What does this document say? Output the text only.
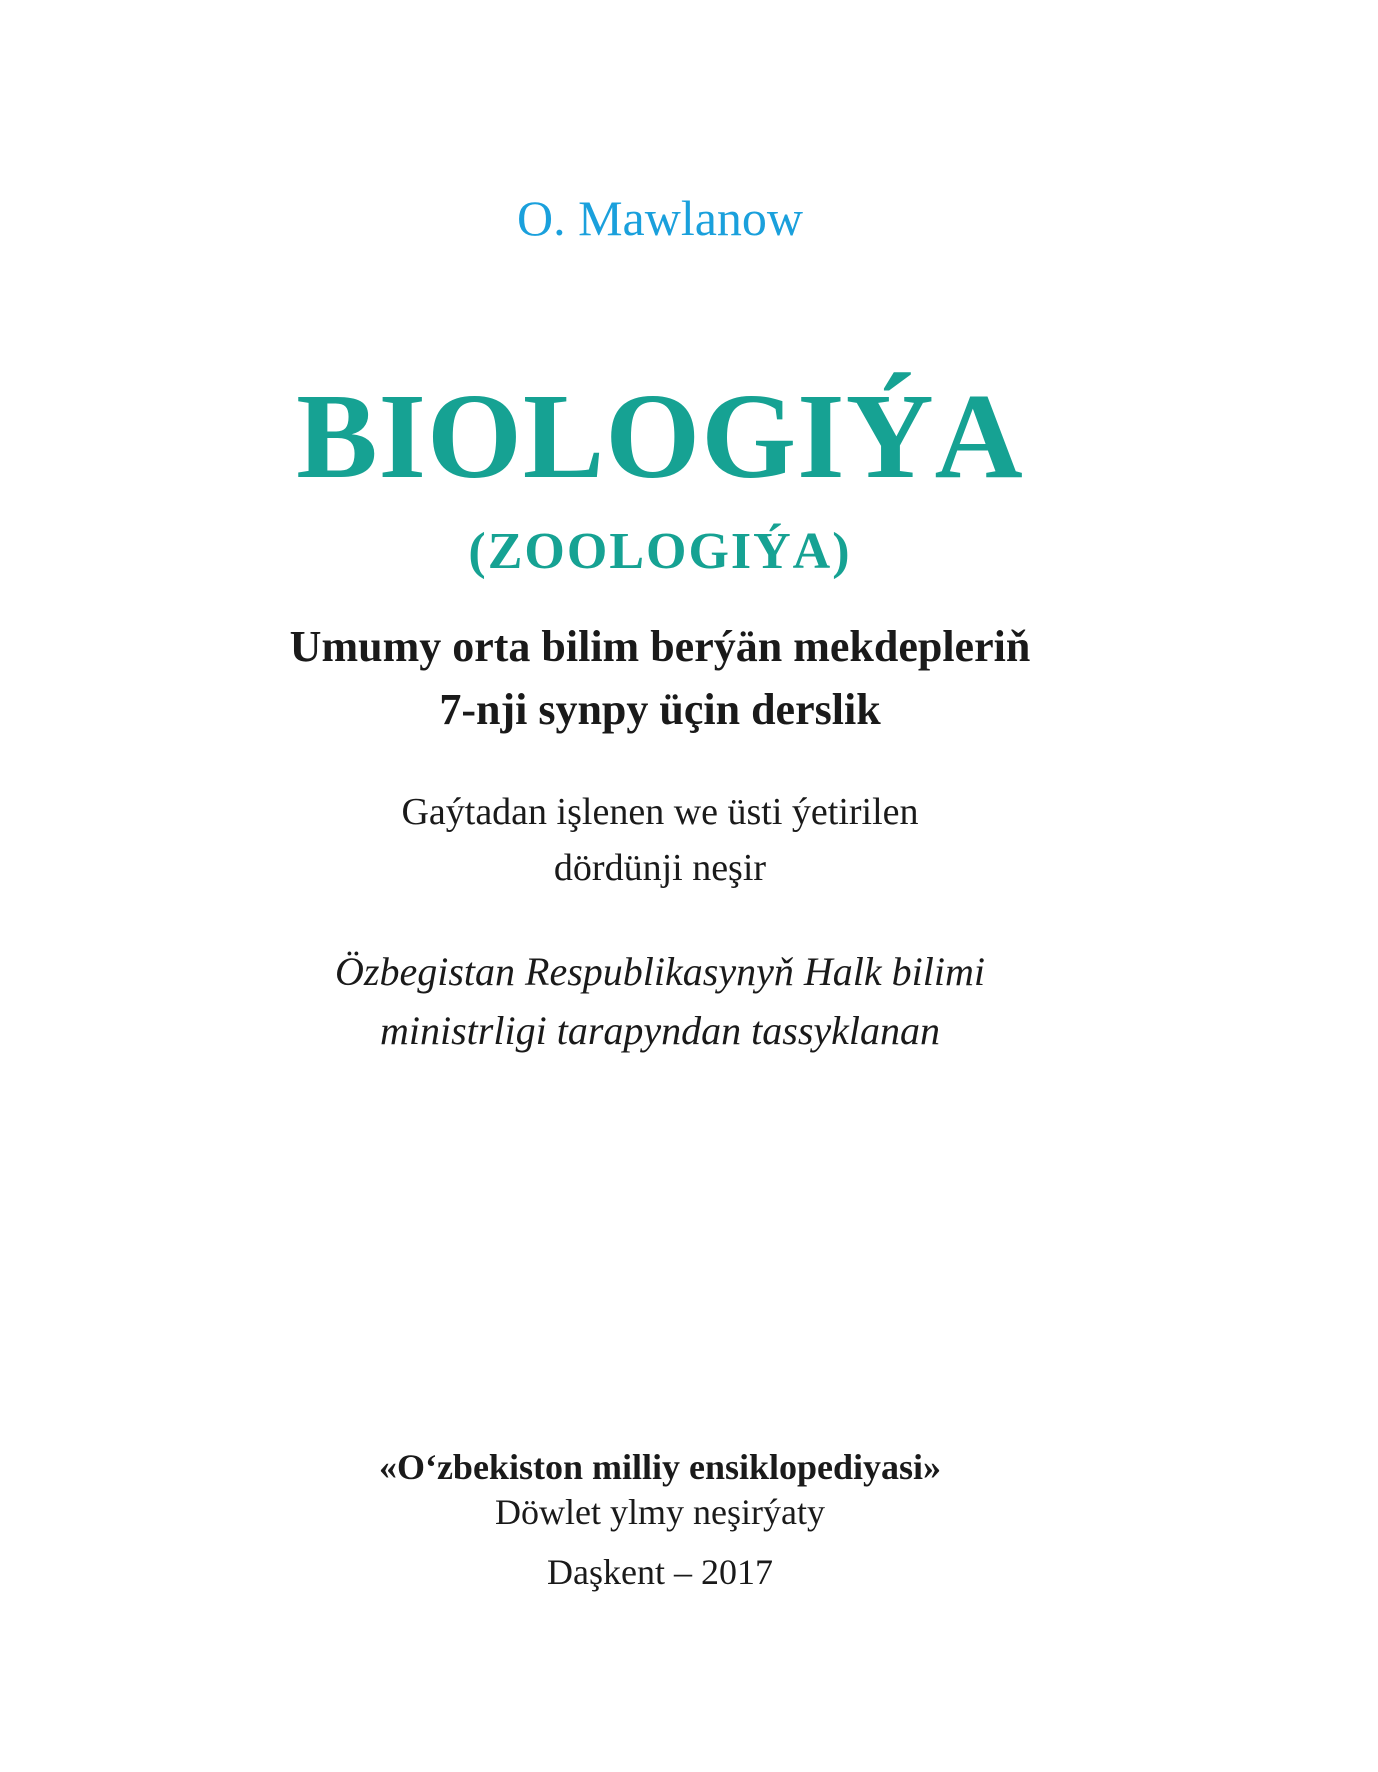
O. Mawlanow
BIOLOGIÝA
(ZOOLOGIÝA)
Umumy orta bilim berýän mekdepleriň
7-nji synpy üçin derslik
Gaýtadan işlenen we üsti ýetirilen
dördünji neşir
Özbegistan Respublikasynyň Halk bilimi
ministrligi tarapyndan tassyklanan
«O‘zbekiston milliy ensiklopediyasi»
Döwlet ylmy neşirýaty
Daşkent – 2017
